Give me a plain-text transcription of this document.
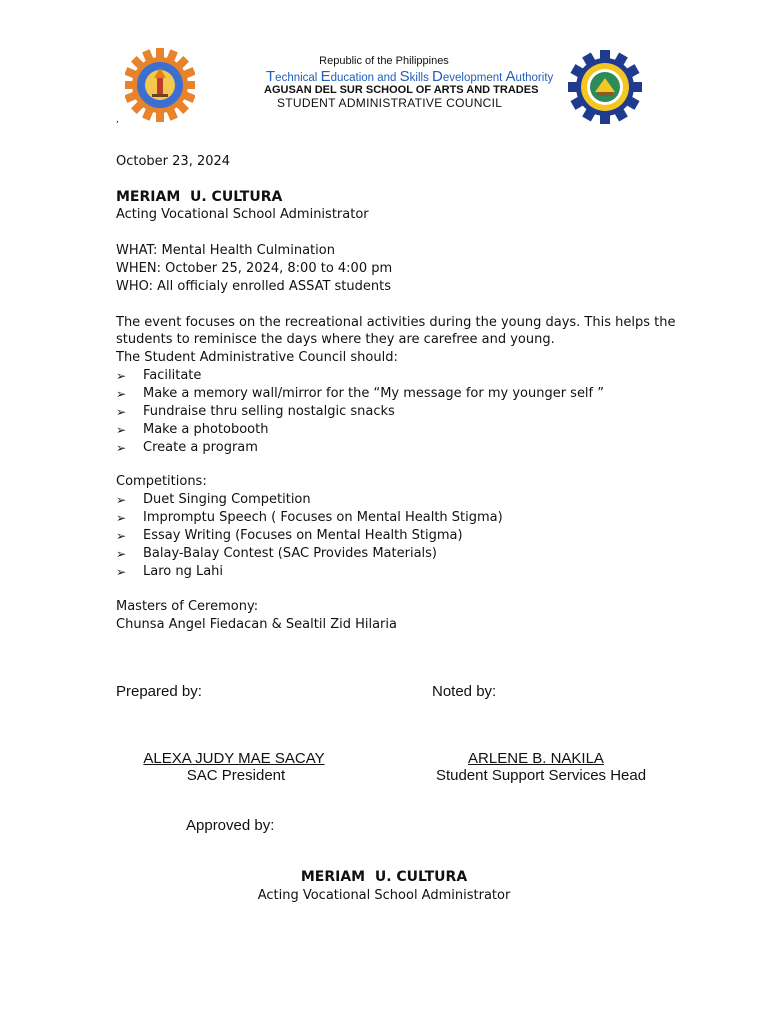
Republic of the Philippines
Technical Education and Skills Development Authority
AGUSAN DEL SUR SCHOOL OF ARTS AND TRADES
STUDENT ADMINISTRATIVE COUNCIL
,
October 23, 2024
MERIAM  U. CULTURA
Acting Vocational School Administrator
WHAT: Mental Health Culmination
WHEN: October 25, 2024, 8:00 to 4:00 pm
WHO: All officialy enrolled ASSAT students
The event focuses on the recreational activities during the young days. This helps the
students to reminisce the days where they are carefree and young.
The Student Administrative Council should:
➢ Facilitate
➢ Make a memory wall/mirror for the “My message for my younger self ”
➢ Fundraise thru selling nostalgic snacks
➢ Make a photobooth
➢ Create a program
Competitions:
➢ Duet Singing Competition
➢ Impromptu Speech ( Focuses on Mental Health Stigma)
➢ Essay Writing (Focuses on Mental Health Stigma)
➢ Balay-Balay Contest (SAC Provides Materials)
➢ Laro ng Lahi
Masters of Ceremony:
Chunsa Angel Fiedacan & Sealtil Zid Hilaria
Prepared by:	Noted by:
ALEXA JUDY MAE SACAY
SAC President
ARLENE B. NAKILA
Student Support Services Head
Approved by:
MERIAM  U. CULTURA
Acting Vocational School Administrator
